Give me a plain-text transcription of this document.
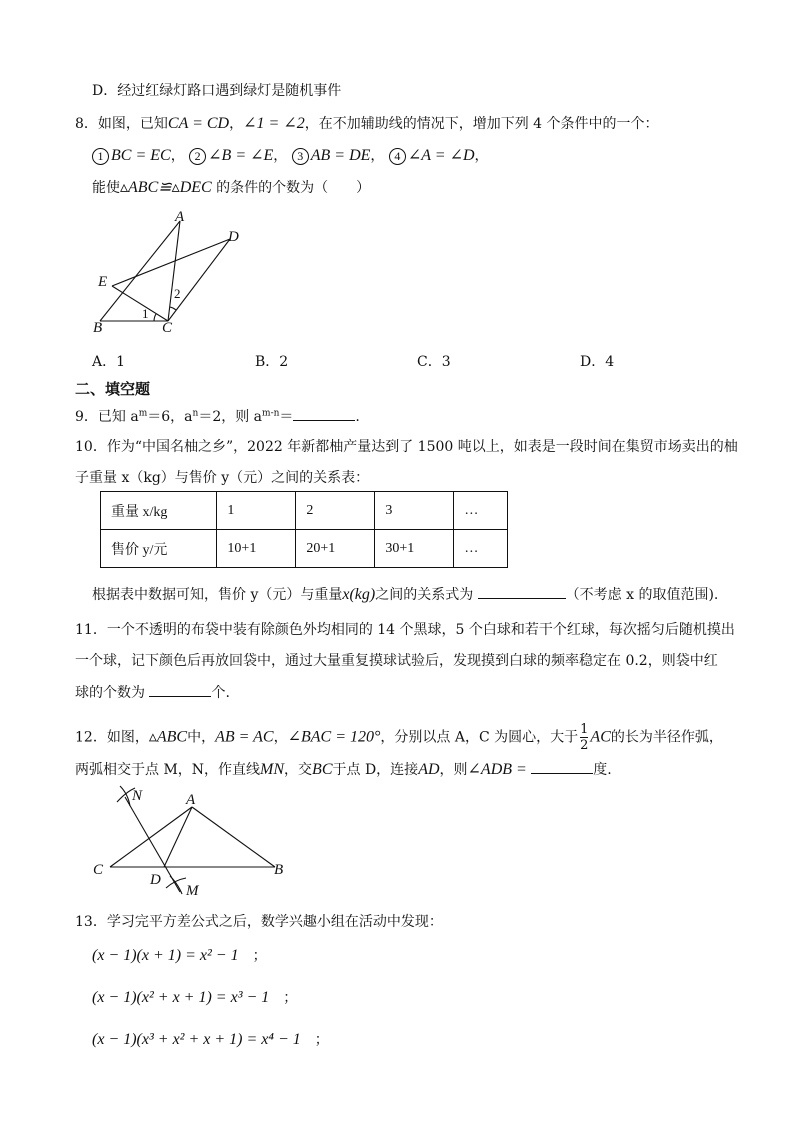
D．经过红绿灯路口遇到绿灯是随机事件
8．如图，已知CA = CD，∠1 = ∠2，在不加辅助线的情况下，增加下列 4 个条件中的一个：
1 BC = EC， 2 ∠B = ∠E， 3 AB = DE， 4 ∠A = ∠D，
能使▵ABC≌▵DEC 的条件的个数为（　　）
A
D
E
B	C
1
2
A．1	B．2	C．3	D．4
二、填空题
9．已知 $a^m=6$，$a^n=2$，则 $a^{m-n}=$	.
10．作为“中国名柚之乡”，2022 年新都柚产量达到了 1500 吨以上，如表是一段时间在集贸市场卖出的柚
子重量 x（kg）与售价 y（元）之间的关系表：
重量 x/kg	1	2	3	…
售价 y/元	10+1	20+1	30+1	…
根据表中数据可知，售价 y（元）与重量x(kg)之间的关系式为	（不考虑 x 的取值范围).
11．一个不透明的布袋中装有除颜色外均相同的 14 个黑球，5 个白球和若干个红球，每次摇匀后随机摸出
一个球，记下颜色后再放回袋中，通过大量重复摸球试验后，发现摸到白球的频率稳定在 0.2，则袋中红
球的个数为	个.
12．如图，▵ABC中，AB = AC，∠BAC = 120°，分别以点 A，C 为圆心，大于 $\frac{1}{2}$ AC的长为半径作弧，
两弧相交于点 M，N，作直线MN，交BC于点 D，连接AD，则∠ADB =	度.
N	A
C
D
B
M
13．学习完平方差公式之后，数学兴趣小组在活动中发现：
(x − 1)(x + 1) = x² − 1　 ；
(x − 1)(x² + x + 1) = x³ − 1　 ；
(x − 1)(x³ + x² + x + 1) = x⁴ − 1　 ；
